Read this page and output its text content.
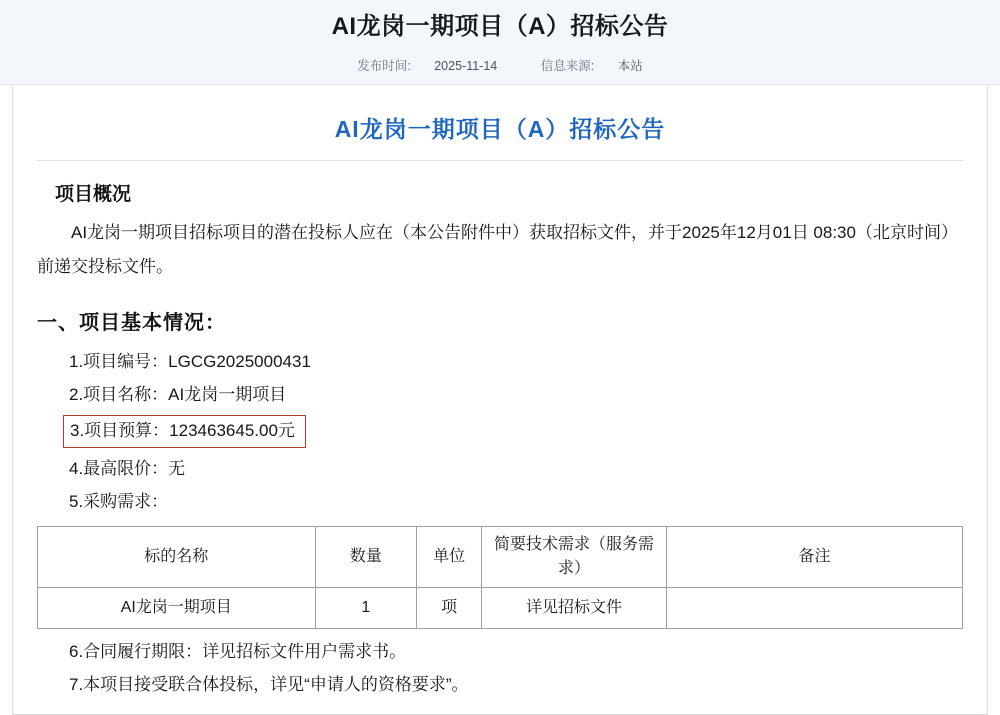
AI龙岗一期项目（A）招标公告
发布时间: 2025-11-14	信息来源: 本站
AI龙岗一期项目（A）招标公告
项目概况

AI龙岗一期项目招标项目的潜在投标人应在（本公告附件中）获取招标文件，并于2025年12月01日 08:30（北京时间）前递交投标文件。

一、项目基本情况：
1.项目编号：LGCG2025000431
2.项目名称：AI龙岗一期项目
3.项目预算：123463645.00元
4.最高限价：无
5.采购需求：
标的名称	数量	单位	简要技术需求（服务需求）	备注
AI龙岗一期项目	1	项	详见招标文件	
6.合同履行期限：详见招标文件用户需求书。
7.本项目接受联合体投标，详见“申请人的资格要求”。
